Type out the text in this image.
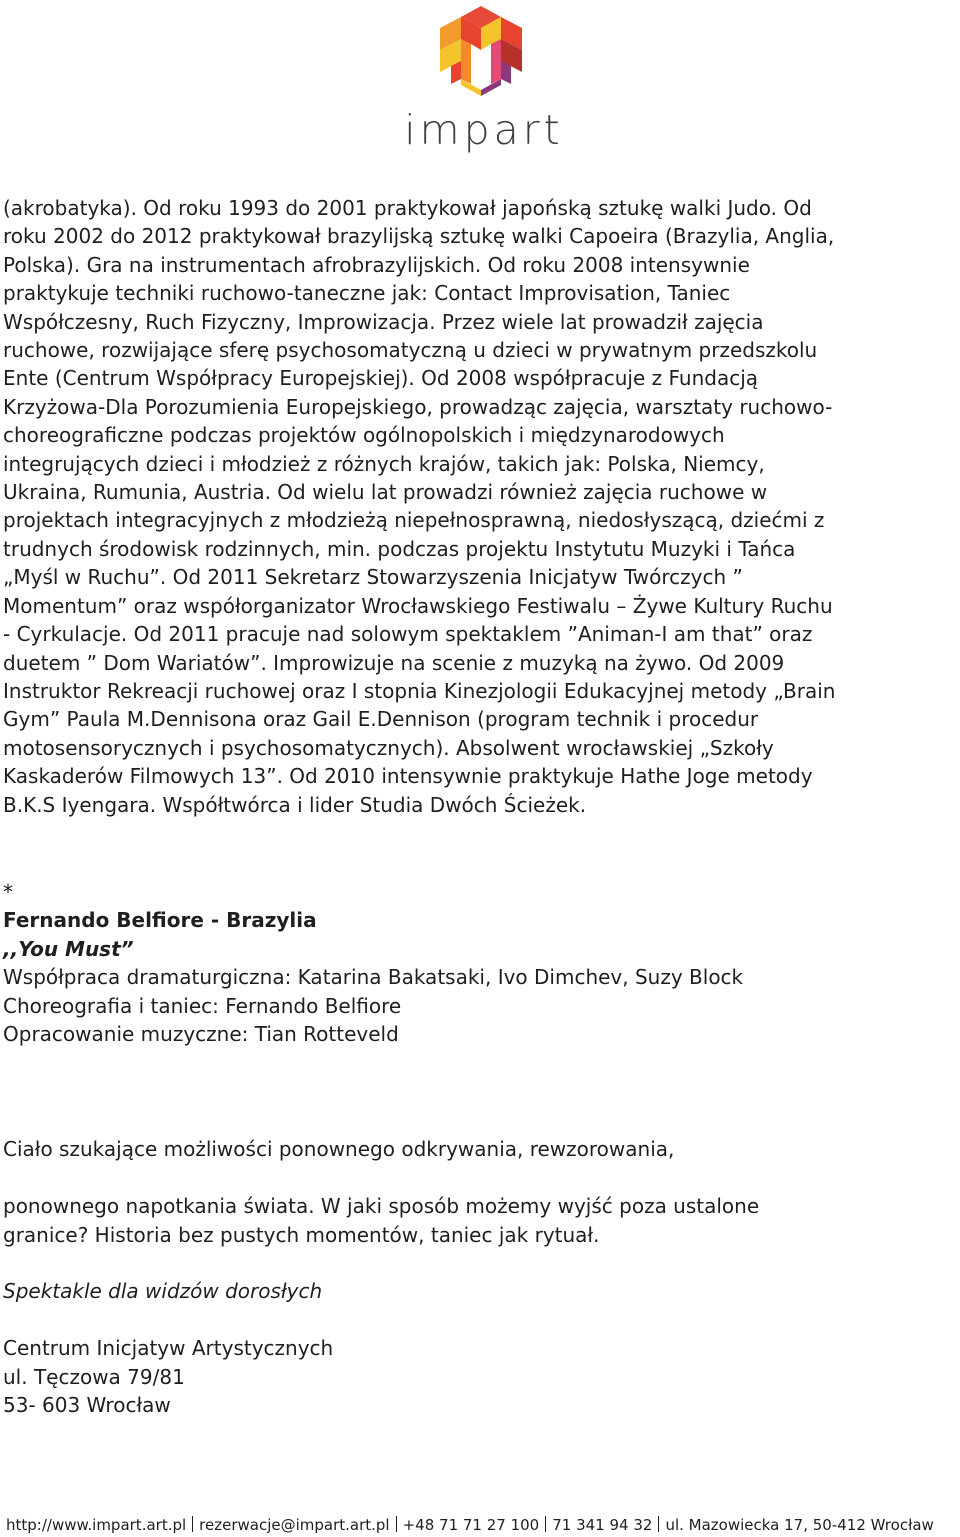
impart

(akrobatyka). Od roku 1993 do 2001 praktykował japońską sztukę walki Judo. Od
roku 2002 do 2012 praktykował brazylijską sztukę walki Capoeira (Brazylia, Anglia,
Polska). Gra na instrumentach afrobrazylijskich. Od roku 2008 intensywnie
praktykuje techniki ruchowo-taneczne jak: Contact Improvisation, Taniec
Współczesny, Ruch Fizyczny, Improwizacja. Przez wiele lat prowadził zajęcia
ruchowe, rozwijające sferę psychosomatyczną u dzieci w prywatnym przedszkolu
Ente (Centrum Współpracy Europejskiej). Od 2008 współpracuje z Fundacją
Krzyżowa-Dla Porozumienia Europejskiego, prowadząc zajęcia, warsztaty ruchowo-
choreograficzne podczas projektów ogólnopolskich i międzynarodowych
integrujących dzieci i młodzież z różnych krajów, takich jak: Polska, Niemcy,
Ukraina, Rumunia, Austria. Od wielu lat prowadzi również zajęcia ruchowe w
projektach integracyjnych z młodzieżą niepełnosprawną, niedosłyszącą, dziećmi z
trudnych środowisk rodzinnych, min. podczas projektu Instytutu Muzyki i Tańca
„Myśl w Ruchu”. Od 2011 Sekretarz Stowarzyszenia Inicjatyw Twórczych ”
Momentum” oraz współorganizator Wrocławskiego Festiwalu – Żywe Kultury Ruchu
- Cyrkulacje. Od 2011 pracuje nad solowym spektaklem ”Animan-I am that” oraz
duetem ” Dom Wariatów”. Improwizuje na scenie z muzyką na żywo. Od 2009
Instruktor Rekreacji ruchowej oraz I stopnia Kinezjologii Edukacyjnej metody „Brain
Gym” Paula M.Dennisona oraz Gail E.Dennison (program technik i procedur
motosensorycznych i psychosomatycznych). Absolwent wrocławskiej „Szkoły
Kaskaderów Filmowych 13”. Od 2010 intensywnie praktykuje Hathe Joge metody
B.K.S Iyengara. Współtwórca i lider Studia Dwóch Ścieżek.

*
Fernando Belfiore - Brazylia
,,You Must”
Współpraca dramaturgiczna: Katarina Bakatsaki, Ivo Dimchev, Suzy Block
Choreografia i taniec: Fernando Belfiore
Opracowanie muzyczne: Tian Rotteveld
Ciało szukające możliwości ponownego odkrywania, rewzorowania,
ponownego napotkania świata. W jaki sposób możemy wyjść poza ustalone
granice? Historia bez pustych momentów, taniec jak rytuał.
Spektakle dla widzów dorosłych
Centrum Inicjatyw Artystycznych
ul. Tęczowa 79/81
53- 603 Wrocław
http://www.impart.art.pl rezerwacje@impart.art.pl +48 71 71 27 100 71 341 94 32 ul. Mazowiecka 17, 50-412 Wrocław
